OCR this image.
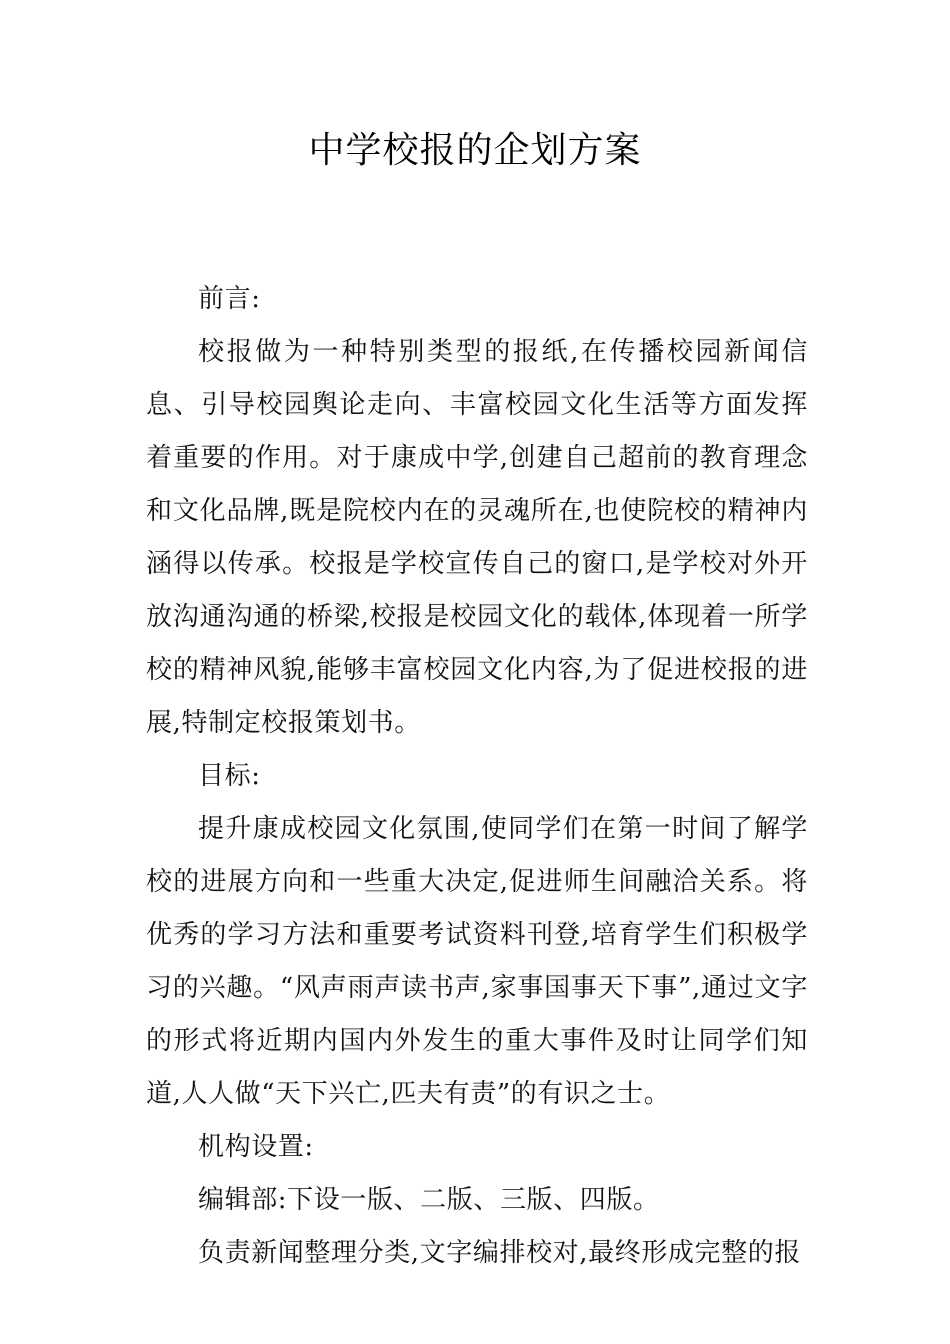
中学校报的企划方案

前言:

校报做为一种特别类型的报纸,在传播校园新闻信息、引导校园舆论走向、丰富校园文化生活等方面发挥着重要的作用。对于康成中学,创建自己超前的教育理念和文化品牌,既是院校内在的灵魂所在,也使院校的精神内涵得以传承。校报是学校宣传自己的窗口,是学校对外开放沟通沟通的桥梁,校报是校园文化的载体,体现着一所学校的精神风貌,能够丰富校园文化内容,为了促进校报的进展,特制定校报策划书。

目标:

提升康成校园文化氛围,使同学们在第一时间了解学校的进展方向和一些重大决定,促进师生间融洽关系。将优秀的学习方法和重要考试资料刊登,培育学生们积极学习的兴趣。“风声雨声读书声,家事国事天下事”,通过文字的形式将近期内国内外发生的重大事件及时让同学们知道,人人做“天下兴亡,匹夫有责”的有识之士。

机构设置:

编辑部:下设一版、二版、三版、四版。

负责新闻整理分类,文字编排校对,最终形成完整的报
